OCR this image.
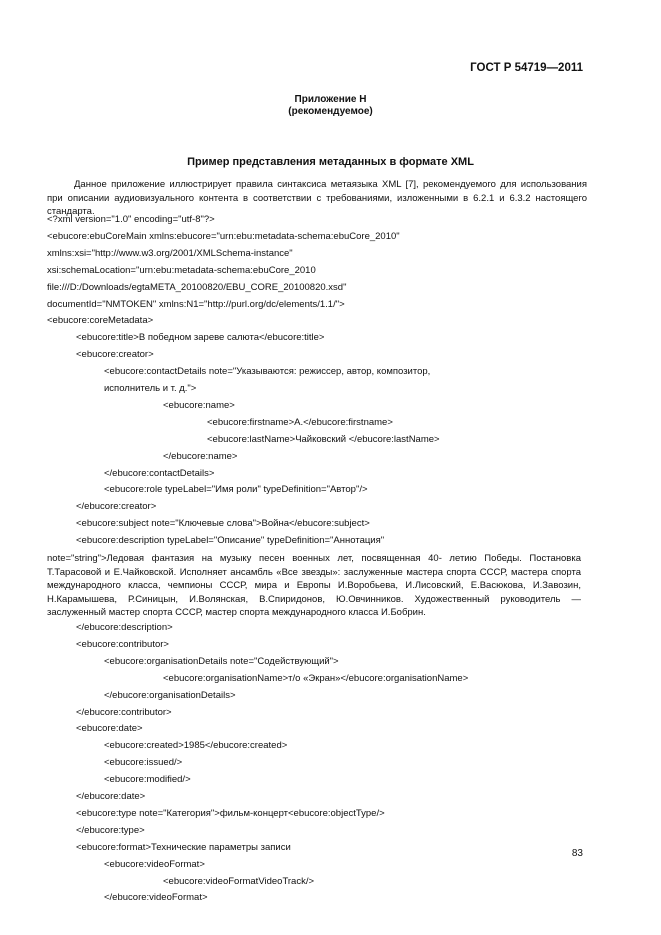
ГОСТ Р 54719—2011
Приложение Н
(рекомендуемое)
Пример представления метаданных в формате XML
Данное приложение иллюстрирует правила синтаксиса метаязыка XML [7], рекомендуемого для использования при описании аудиовизуального контента в соответствии с требованиями, изложенными в 6.2.1 и 6.3.2 настоящего стандарта.
<?xml version="1.0" encoding="utf-8"?>
<ebucore:ebuCoreMain xmlns:ebucore="urn:ebu:metadata-schema:ebuCore_2010"
xmlns:xsi="http://www.w3.org/2001/XMLSchema-instance"
xsi:schemaLocation="urn:ebu:metadata-schema:ebuCore_2010
file:///D:/Downloads/egtaMETA_20100820/EBU_CORE_20100820.xsd"
documentId="NMTOKEN" xmlns:N1="http://purl.org/dc/elements/1.1/">
<ebucore:coreMetadata>
<ebucore:title>В победном зареве салюта</ebucore:title>
<ebucore:creator>
<ebucore:contactDetails note="Указываются: режиссер, автор, композитор,
исполнитель и т. д.">
<ebucore:name>
<ebucore:firstname>А.</ebucore:firstname>
<ebucore:lastName>Чайковский </ebucore:lastName>
</ebucore:name>
</ebucore:contactDetails>
<ebucore:role typeLabel="Имя роли" typeDefinition="Автор"/>
</ebucore:creator>
<ebucore:subject note="Ключевые слова">Война</ebucore:subject>
<ebucore:description typeLabel="Описание" typeDefinition="Аннотация"
note="string">Ледовая фантазия на музыку песен военных лет, посвященная 40- летию Победы. Постановка Т.Тарасовой и Е.Чайковской. Исполняет ансамбль «Все звезды»: заслуженные мастера спорта СССР, мастера спорта международного класса, чемпионы СССР, мира и Европы И.Воробьева, И.Лисовский, Е.Васюкова, И.Завозин, Н.Карамышева, Р.Синицын, И.Волянская, В.Спиридонов, Ю.Овчинников. Художественный руководитель — заслуженный мастер спорта СССР, мастер спорта международного класса И.Бобрин.
</ebucore:description>
<ebucore:contributor>
<ebucore:organisationDetails note="Содействующий">
<ebucore:organisationName>т/о «Экран»</ebucore:organisationName>
</ebucore:organisationDetails>
</ebucore:contributor>
<ebucore:date>
<ebucore:created>1985</ebucore:created>
<ebucore:issued/>
<ebucore:modified/>
</ebucore:date>
<ebucore:type note="Категория">фильм-концерт<ebucore:objectType/>
</ebucore:type>
83
<ebucore:format>Технические параметры записи
<ebucore:videoFormat>
<ebucore:videoFormatVideoTrack/>
</ebucore:videoFormat>
